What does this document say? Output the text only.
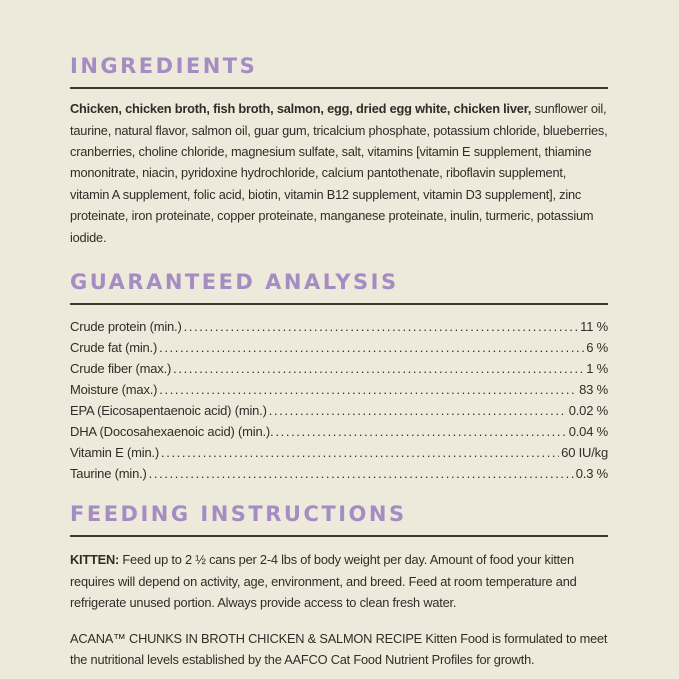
INGREDIENTS

Chicken, chicken broth, fish broth, salmon, egg, dried egg white, chicken liver, sunflower oil, taurine, natural flavor, salmon oil, guar gum, tricalcium phosphate, potassium chloride, blueberries, cranberries, choline chloride, magnesium sulfate, salt, vitamins [vitamin E supplement, thiamine mononitrate, niacin, pyridoxine hydrochloride, calcium pantothenate, riboflavin supplement, vitamin A supplement, folic acid, biotin, vitamin B12 supplement, vitamin D3 supplement], zinc proteinate, iron proteinate, copper proteinate, manganese proteinate, inulin, turmeric, potassium iodide.

GUARANTEED ANALYSIS
Crude protein (min.) .....	11 %
Crude fat (min.) .....	6 %
Crude fiber (max.) .....	1 %
Moisture (max.) .....	83 %
EPA (Eicosapentaenoic acid) (min.) .....	0.02 %
DHA (Docosahexaenoic acid) (min.). .....	0.04 %
Vitamin E (min.) .....	60 IU/kg
Taurine (min.) .....	0.3 %
FEEDING INSTRUCTIONS

KITTEN: Feed up to 2 ½ cans per 2-4 lbs of body weight per day. Amount of food your kitten requires will depend on activity, age, environment, and breed. Feed at room temperature and refrigerate unused portion. Always provide access to clean fresh water.

ACANA™ CHUNKS IN BROTH CHICKEN & SALMON RECIPE Kitten Food is formulated to meet the nutritional levels established by the AAFCO Cat Food Nutrient Profiles for growth.
